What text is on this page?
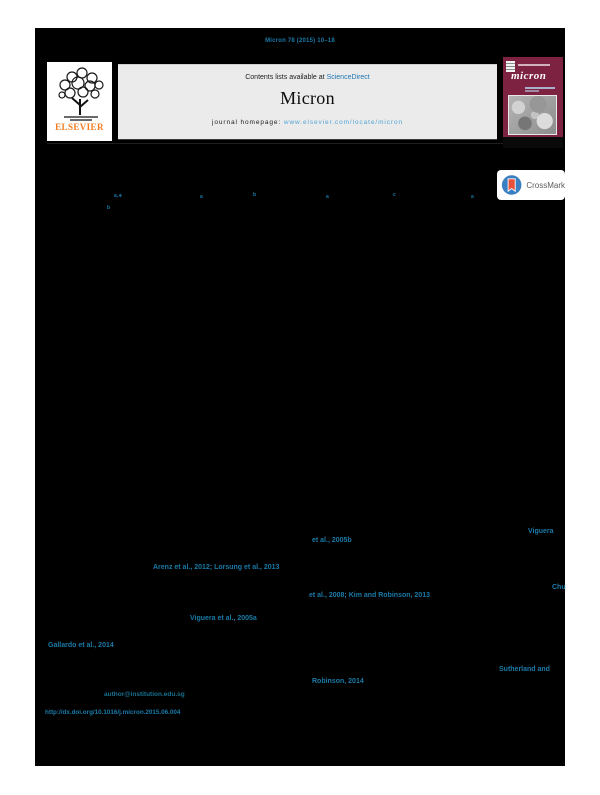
Micron 78 (2015) 10–18
ELSEVIER
Contents lists available at ScienceDirect
Micron
journal homepage: www.elsevier.com/locate/micron
micron
CrossMark
a,∗	a	b	a	c	a
b
Viguera
et al., 2005b
Arenz et al., 2012; Lorsung et al., 2013
Chu
et al., 2008; Kim and Robinson, 2013
Viguera et al., 2005a
Gallardo et al., 2014
Sutherland and
Robinson, 2014
author@institution.edu.sg
http://dx.doi.org/10.1016/j.micron.2015.06.004
